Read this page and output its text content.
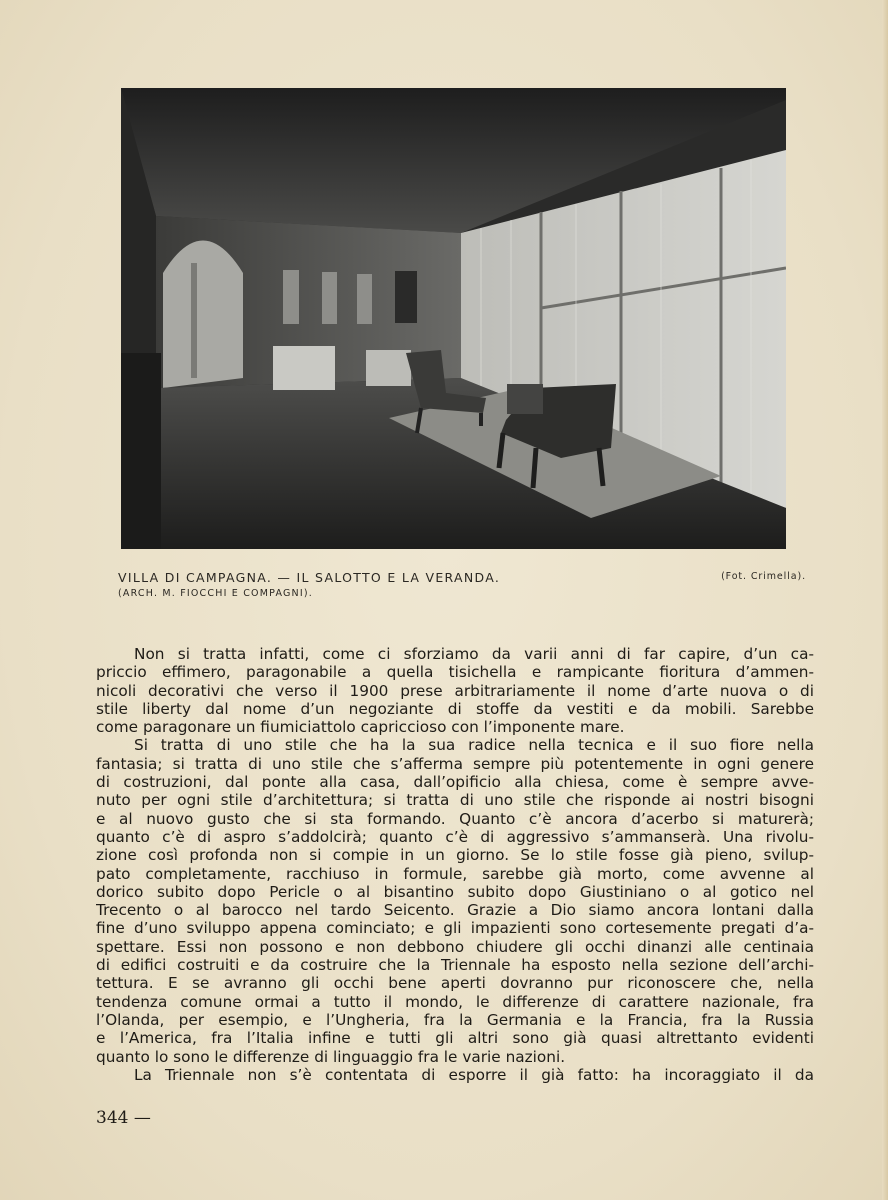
VILLA DI CAMPAGNA. — IL SALOTTO E LA VERANDA.
(ARCH. M. FIOCCHI E COMPAGNI).
(Fot. Crimella).
Non si tratta infatti, come ci sforziamo da varii anni di far capire, d’un ca-
priccio effimero, paragonabile a quella tisichella e rampicante fioritura d’ammen-
nicoli decorativi che verso il 1900 prese arbitrariamente il nome d’arte nuova o di
stile liberty dal nome d’un negoziante di stoffe da vestiti e da mobili. Sarebbe
come paragonare un fiumiciattolo capriccioso con l’imponente mare.
Si tratta di uno stile che ha la sua radice nella tecnica e il suo fiore nella
fantasia; si tratta di uno stile che s’afferma sempre più potentemente in ogni genere
di costruzioni, dal ponte alla casa, dall’opificio alla chiesa, come è sempre avve-
nuto per ogni stile d’architettura; si tratta di uno stile che risponde ai nostri bisogni
e al nuovo gusto che si sta formando. Quanto c’è ancora d’acerbo si maturerà;
quanto c’è di aspro s’addolcirà; quanto c’è di aggressivo s’ammanserà. Una rivolu-
zione così profonda non si compie in un giorno. Se lo stile fosse già pieno, svilup-
pato completamente, racchiuso in formule, sarebbe già morto, come avvenne al
dorico subito dopo Pericle o al bisantino subito dopo Giustiniano o al gotico nel
Trecento o al barocco nel tardo Seicento. Grazie a Dio siamo ancora lontani dalla
fine d’uno sviluppo appena cominciato; e gli impazienti sono cortesemente pregati d’a-
spettare. Essi non possono e non debbono chiudere gli occhi dinanzi alle centinaia
di edifici costruiti e da costruire che la Triennale ha esposto nella sezione dell’archi-
tettura. E se avranno gli occhi bene aperti dovranno pur riconoscere che, nella
tendenza comune ormai a tutto il mondo, le differenze di carattere nazionale, fra
l’Olanda, per esempio, e l’Ungheria, fra la Germania e la Francia, fra la Russia
e l’America, fra l’Italia infine e tutti gli altri sono già quasi altrettanto evidenti
quanto lo sono le differenze di linguaggio fra le varie nazioni.
La Triennale non s’è contentata di esporre il già fatto: ha incoraggiato il da
344 —
